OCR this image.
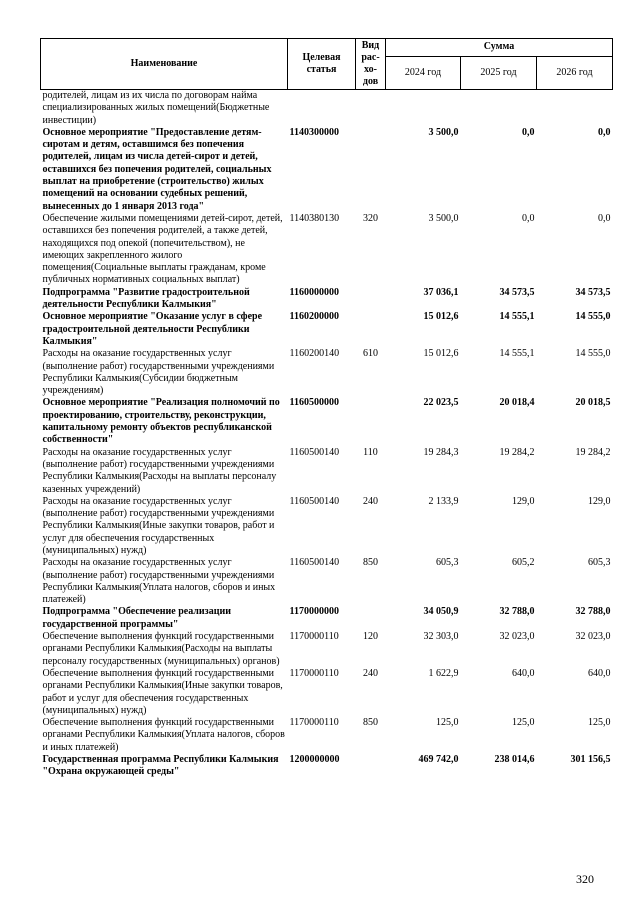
Наименование	Целевая статья	Вид рас- хо- дов	Сумма		
			2024 год	2025 год	2026 год
родителей, лицам из их числа по договорам найма специализированных жилых помещений(Бюджетные инвестиции)					
Основное мероприятие "Предоставление детям-сиротам и детям, оставшимся без попечения родителей, лицам из числа детей-сирот и детей, оставшихся без попечения родителей, социальных выплат на приобретение (строительство) жилых помещений на основании судебных решений, вынесенных до 1 января 2013 года"	1140300000		3 500,0	0,0	0,0
Обеспечение жилыми помещениями детей-сирот, детей, оставшихся без попечения родителей, а также детей, находящихся под опекой (попечительством), не имеющих закрепленного жилого помещения(Социальные выплаты гражданам, кроме публичных нормативных социальных выплат)	1140380130	320	3 500,0	0,0	0,0
Подпрограмма "Развитие градостроительной деятельности Республики Калмыкия"	1160000000		37 036,1	34 573,5	34 573,5
Основное мероприятие "Оказание услуг в сфере градостроительной деятельности Республики Калмыкия"	1160200000		15 012,6	14 555,1	14 555,0
Расходы на оказание государственных услуг (выполнение работ) государственными учреждениями Республики Калмыкия(Субсидии бюджетным учреждениям)	1160200140	610	15 012,6	14 555,1	14 555,0
Основное мероприятие "Реализация полномочий по проектированию, строительству, реконструкции, капитальному ремонту объектов республиканской собственности"	1160500000		22 023,5	20 018,4	20 018,5
Расходы на оказание государственных услуг (выполнение работ) государственными учреждениями Республики Калмыкия(Расходы на выплаты персоналу казенных учреждений)	1160500140	110	19 284,3	19 284,2	19 284,2
Расходы на оказание государственных услуг (выполнение работ) государственными учреждениями Республики Калмыкия(Иные закупки товаров, работ и услуг для обеспечения государственных (муниципальных) нужд)	1160500140	240	2 133,9	129,0	129,0
Расходы на оказание государственных услуг (выполнение работ) государственными учреждениями Республики Калмыкия(Уплата налогов, сборов и иных платежей)	1160500140	850	605,3	605,2	605,3
Подпрограмма "Обеспечение реализации государственной программы"	1170000000		34 050,9	32 788,0	32 788,0
Обеспечение выполнения функций государственными органами Республики Калмыкия(Расходы на выплаты персоналу государственных (муниципальных) органов)	1170000110	120	32 303,0	32 023,0	32 023,0
Обеспечение выполнения функций государственными органами Республики Калмыкия(Иные закупки товаров, работ и услуг для обеспечения государственных (муниципальных) нужд)	1170000110	240	1 622,9	640,0	640,0
Обеспечение выполнения функций государственными органами Республики Калмыкия(Уплата налогов, сборов и иных платежей)	1170000110	850	125,0	125,0	125,0
Государственная программа Республики Калмыкия "Охрана окружающей среды"	1200000000		469 742,0	238 014,6	301 156,5
320
